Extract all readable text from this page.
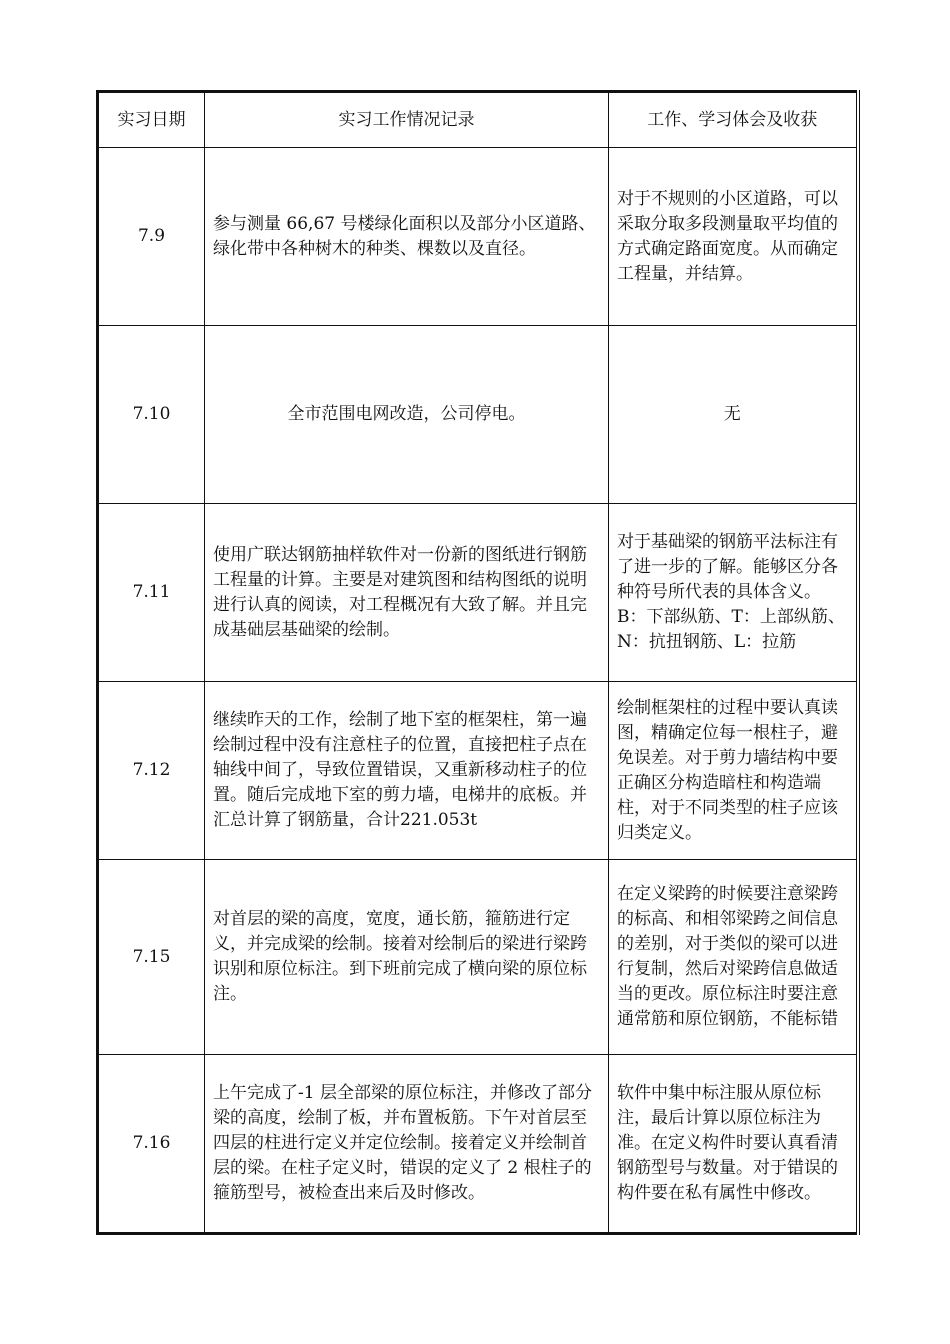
实习日期	实习工作情况记录	工作、学习体会及收获
7.9	参与测量 66,67 号楼绿化面积以及部分小区道路、绿化带中各种树木的种类、棵数以及直径。	对于不规则的小区道路，可以采取分取多段测量取平均值的方式确定路面宽度。从而确定工程量，并结算。
7.10	全市范围电网改造，公司停电。	无
7.11	使用广联达钢筋抽样软件对一份新的图纸进行钢筋工程量的计算。主要是对建筑图和结构图纸的说明进行认真的阅读，对工程概况有大致了解。并且完成基础层基础梁的绘制。	对于基础梁的钢筋平法标注有了进一步的了解。能够区分各种符号所代表的具体含义。B：下部纵筋、T：上部纵筋、N：抗扭钢筋、L：拉筋
7.12	继续昨天的工作，绘制了地下室的框架柱，第一遍绘制过程中没有注意柱子的位置，直接把柱子点在轴线中间了，导致位置错误，又重新移动柱子的位置。随后完成地下室的剪力墙，电梯井的底板。并汇总计算了钢筋量，合计221.053t	绘制框架柱的过程中要认真读图，精确定位每一根柱子，避免误差。对于剪力墙结构中要正确区分构造暗柱和构造端柱，对于不同类型的柱子应该归类定义。
7.15	对首层的梁的高度，宽度，通长筋，箍筋进行定义，并完成梁的绘制。接着对绘制后的梁进行梁跨识别和原位标注。到下班前完成了横向梁的原位标注。	在定义梁跨的时候要注意梁跨的标高、和相邻梁跨之间信息的差别，对于类似的梁可以进行复制，然后对梁跨信息做适当的更改。原位标注时要注意通常筋和原位钢筋，不能标错
7.16	上午完成了-1 层全部梁的原位标注，并修改了部分梁的高度，绘制了板，并布置板筋。下午对首层至四层的柱进行定义并定位绘制。接着定义并绘制首层的梁。在柱子定义时，错误的定义了 2 根柱子的箍筋型号，被检查出来后及时修改。	软件中集中标注服从原位标注，最后计算以原位标注为准。在定义构件时要认真看清钢筋型号与数量。对于错误的构件要在私有属性中修改。
